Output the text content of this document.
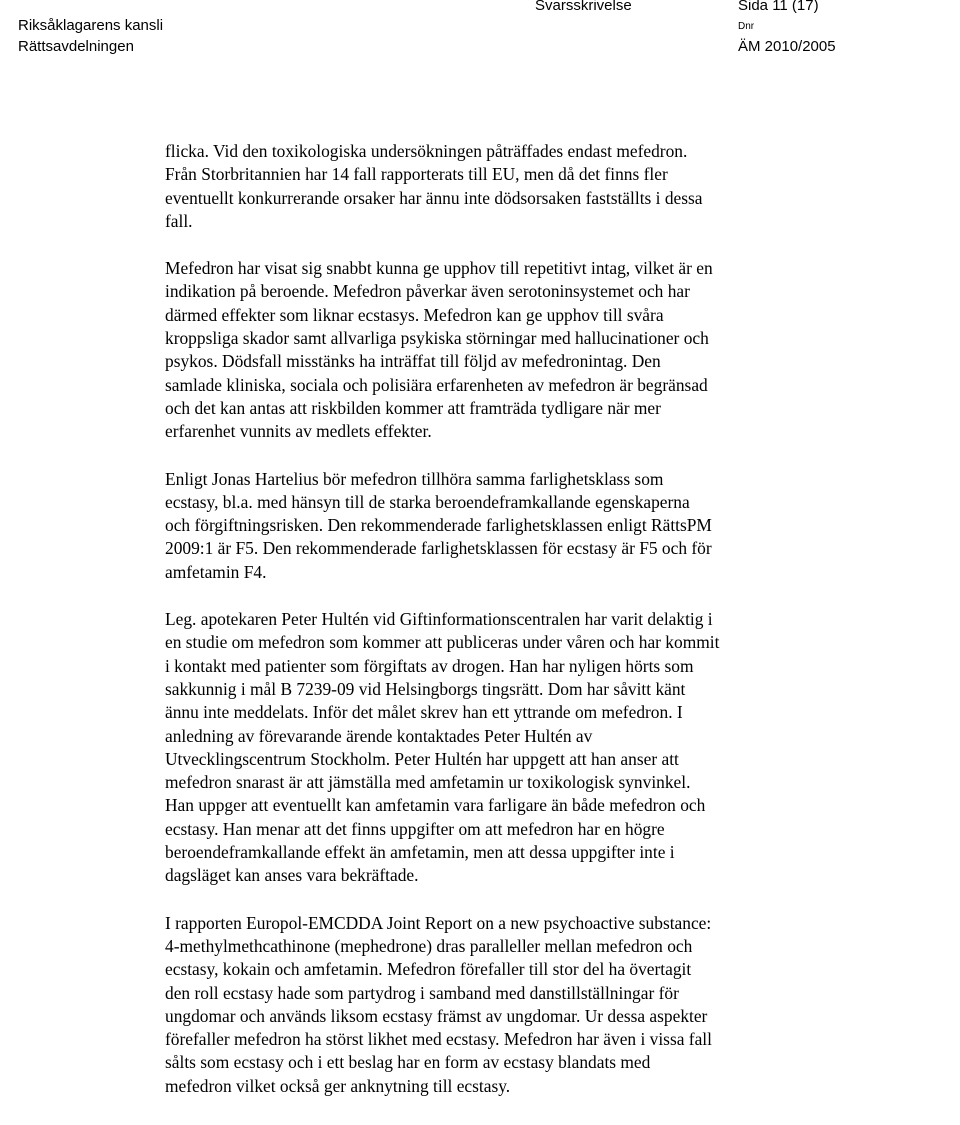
Riksåklagarens kansli
Rättsavdelningen
Svarsskrivelse	Sida 11 (17)
Dnr
ÄM 2010/2005

flicka. Vid den toxikologiska undersökningen påträffades endast mefedron.
Från Storbritannien har 14 fall rapporterats till EU, men då det finns fler
eventuellt konkurrerande orsaker har ännu inte dödsorsaken fastställts i dessa
fall.

Mefedron har visat sig snabbt kunna ge upphov till repetitivt intag, vilket är en
indikation på beroende. Mefedron påverkar även serotoninsystemet och har
därmed effekter som liknar ecstasys. Mefedron kan ge upphov till svåra
kroppsliga skador samt allvarliga psykiska störningar med hallucinationer och
psykos. Dödsfall misstänks ha inträffat till följd av mefedronintag. Den
samlade kliniska, sociala och polisiära erfarenheten av mefedron är begränsad
och det kan antas att riskbilden kommer att framträda tydligare när mer
erfarenhet vunnits av medlets effekter.

Enligt Jonas Hartelius bör mefedron tillhöra samma farlighetsklass som
ecstasy, bl.a. med hänsyn till de starka beroendeframkallande egenskaperna
och förgiftningsrisken. Den rekommenderade farlighetsklassen enligt RättsPM
2009:1 är F5. Den rekommenderade farlighetsklassen för ecstasy är F5 och för
amfetamin F4.

Leg. apotekaren Peter Hultén vid Giftinformationscentralen har varit delaktig i
en studie om mefedron som kommer att publiceras under våren och har kommit
i kontakt med patienter som förgiftats av drogen. Han har nyligen hörts som
sakkunnig i mål B 7239-09 vid Helsingborgs tingsrätt. Dom har såvitt känt
ännu inte meddelats. Inför det målet skrev han ett yttrande om mefedron. I
anledning av förevarande ärende kontaktades Peter Hultén av
Utvecklingscentrum Stockholm. Peter Hultén har uppgett att han anser att
mefedron snarast är att jämställa med amfetamin ur toxikologisk synvinkel.
Han uppger att eventuellt kan amfetamin vara farligare än både mefedron och
ecstasy. Han menar att det finns uppgifter om att mefedron har en högre
beroendeframkallande effekt än amfetamin, men att dessa uppgifter inte i
dagsläget kan anses vara bekräftade.

I rapporten Europol-EMCDDA Joint Report on a new psychoactive substance:
4-methylmethcathinone (mephedrone) dras paralleller mellan mefedron och
ecstasy, kokain och amfetamin. Mefedron förefaller till stor del ha övertagit
den roll ecstasy hade som partydrog i samband med danstillställningar för
ungdomar och används liksom ecstasy främst av ungdomar. Ur dessa aspekter
förefaller mefedron ha störst likhet med ecstasy. Mefedron har även i vissa fall
sålts som ecstasy och i ett beslag har en form av ecstasy blandats med
mefedron vilket också ger anknytning till ecstasy.
